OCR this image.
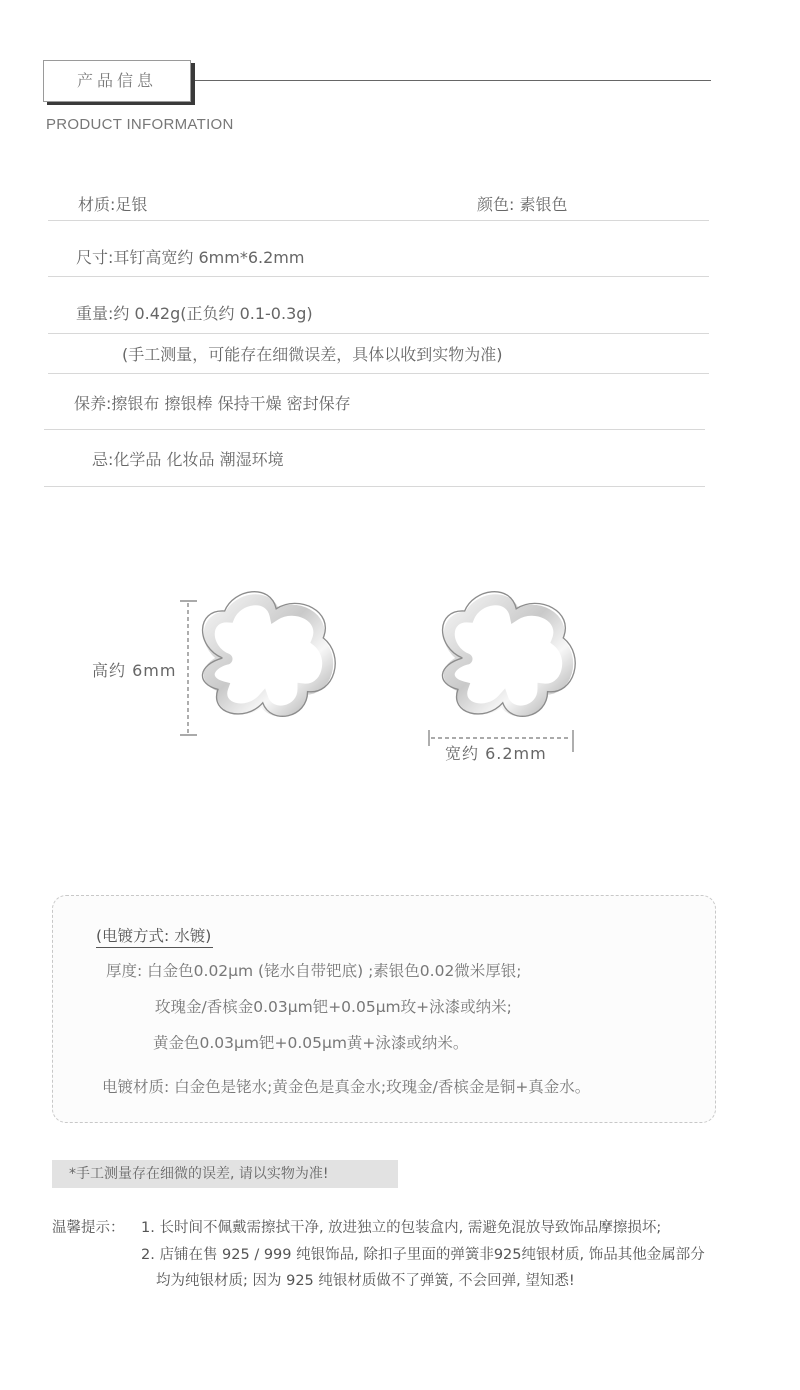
产品信息
PRODUCT INFORMATION
材质:足银	颜色: 素银色
尺寸:耳钉高宽约 6mm*6.2mm
重量:约 0.42g(正负约 0.1-0.3g)
(手工测量，可能存在细微误差，具体以收到实物为准)
保养:擦银布 擦银棒 保持干燥 密封保存
忌:化学品 化妆品 潮湿环境
高约 6mm
宽约 6.2mm
(电镀方式: 水镀)
厚度: 白金色0.02μm (铑水自带钯底) ;素银色0.02微米厚银;
玫瑰金/香槟金0.03μm钯+0.05μm玫+泳漆或纳米;
黄金色0.03μm钯+0.05μm黄+泳漆或纳米。
电镀材质: 白金色是铑水;黄金色是真金水;玫瑰金/香槟金是铜+真金水。
*手工测量存在细微的误差, 请以实物为准!
温馨提示： 1. 长时间不佩戴需擦拭干净, 放进独立的包装盒内, 需避免混放导致饰品摩擦损坏;
2. 店铺在售 925 / 999 纯银饰品, 除扣子里面的弹簧非925纯银材质, 饰品其他金属部分
均为纯银材质; 因为 925 纯银材质做不了弹簧, 不会回弹, 望知悉!
